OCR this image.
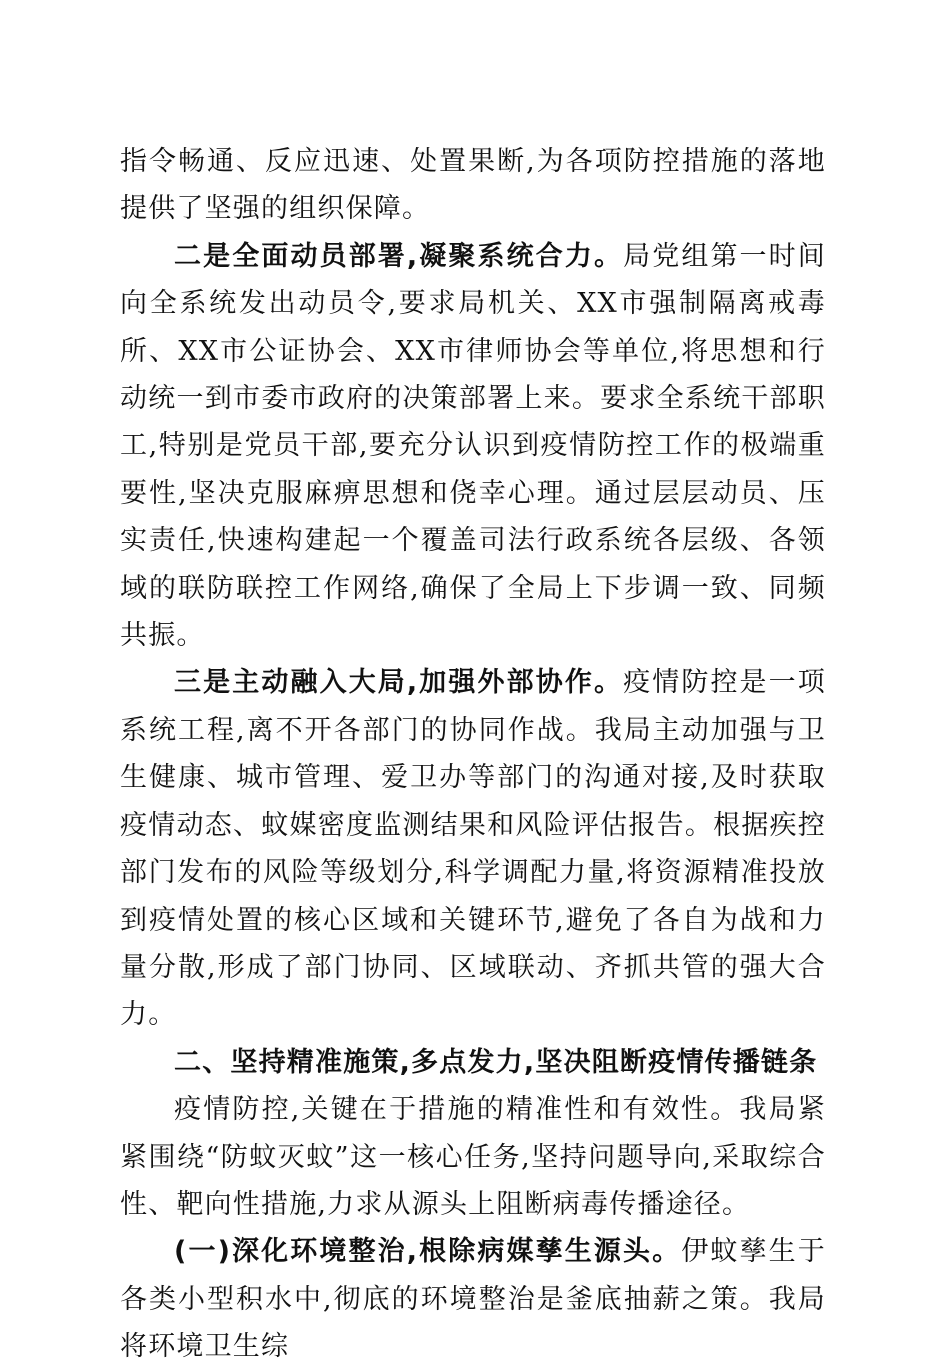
指令畅通、反应迅速、处置果断,为各项防控措施的落地提供了坚强的组织保障。

二是全面动员部署,凝聚系统合力。局党组第一时间向全系统发出动员令,要求局机关、XX市强制隔离戒毒所、XX市公证协会、XX市律师协会等单位,将思想和行动统一到市委市政府的决策部署上来。要求全系统干部职工,特别是党员干部,要充分认识到疫情防控工作的极端重要性,坚决克服麻痹思想和侥幸心理。通过层层动员、压实责任,快速构建起一个覆盖司法行政系统各层级、各领域的联防联控工作网络,确保了全局上下步调一致、同频共振。

三是主动融入大局,加强外部协作。疫情防控是一项系统工程,离不开各部门的协同作战。我局主动加强与卫生健康、城市管理、爱卫办等部门的沟通对接,及时获取疫情动态、蚊媒密度监测结果和风险评估报告。根据疾控部门发布的风险等级划分,科学调配力量,将资源精准投放到疫情处置的核心区域和关键环节,避免了各自为战和力量分散,形成了部门协同、区域联动、齐抓共管的强大合力。

二、坚持精准施策,多点发力,坚决阻断疫情传播链条

疫情防控,关键在于措施的精准性和有效性。我局紧紧围绕“防蚊灭蚊”这一核心任务,坚持问题导向,采取综合性、靶向性措施,力求从源头上阻断病毒传播途径。

(一)深化环境整治,根除病媒孳生源头。伊蚊孳生于各类小型积水中,彻底的环境整治是釜底抽薪之策。我局将环境卫生综
